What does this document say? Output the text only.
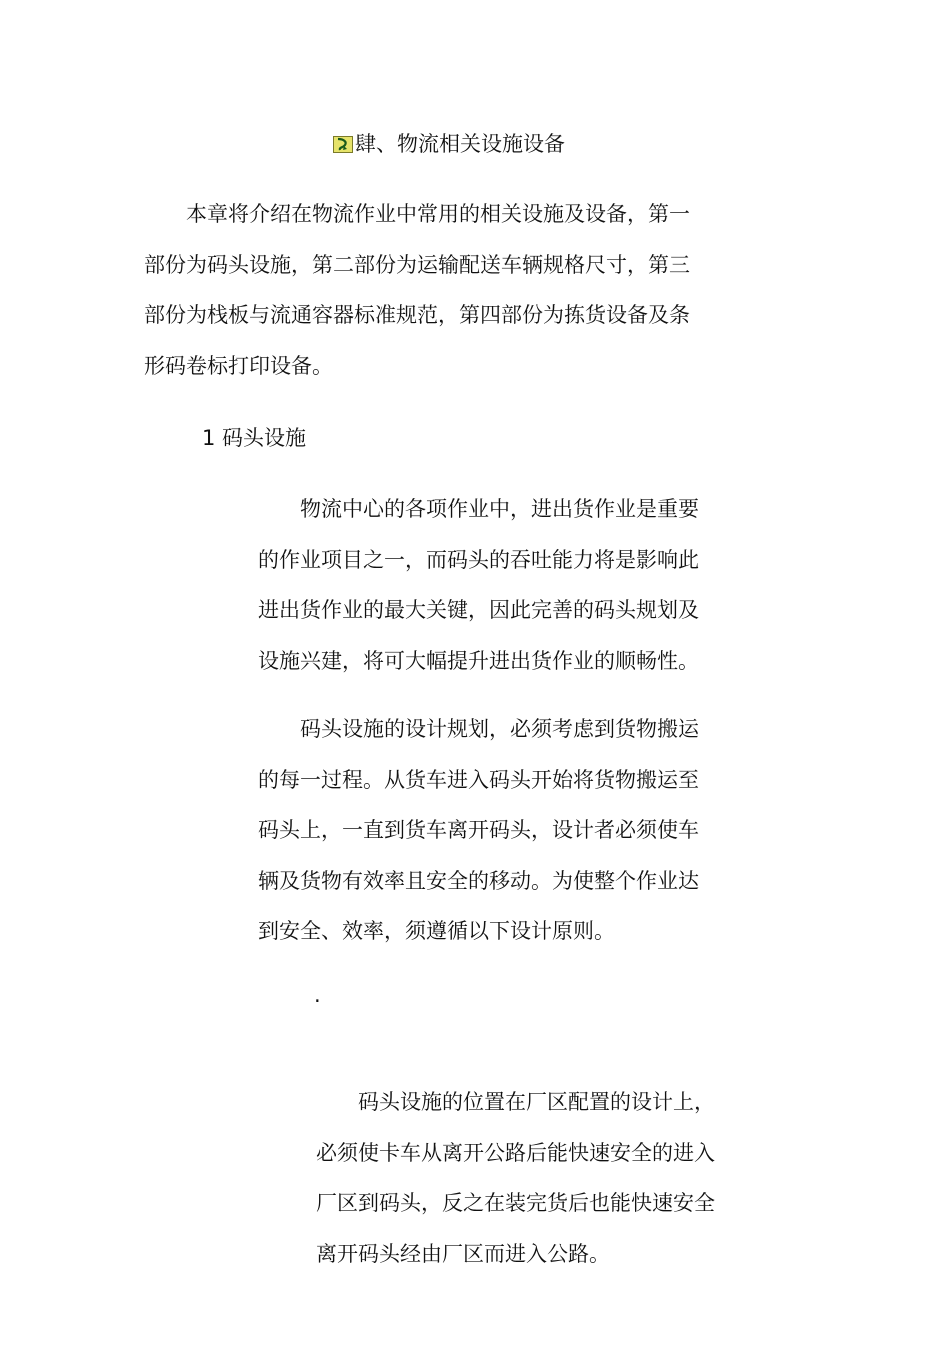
肆、物流相关设施设备

　　本章将介绍在物流作业中常用的相关设施及设备，第一
部份为码头设施，第二部份为运输配送车辆规格尺寸，第三
部份为栈板与流通容器标准规范，第四部份为拣货设备及条
形码卷标打印设备。

1 码头设施

　　物流中心的各项作业中，进出货作业是重要
的作业项目之一，而码头的吞吐能力将是影响此
进出货作业的最大关键，因此完善的码头规划及
设施兴建，将可大幅提升进出货作业的顺畅性。

　　码头设施的设计规划，必须考虑到货物搬运
的每一过程。从货车进入码头开始将货物搬运至
码头上，一直到货车离开码头，设计者必须使车
辆及货物有效率且安全的移动。为使整个作业达
到安全、效率，须遵循以下设计原则。

·

　　码头设施的位置在厂区配置的设计上，
必须使卡车从离开公路后能快速安全的进入
厂区到码头，反之在装完货后也能快速安全
离开码头经由厂区而进入公路。
